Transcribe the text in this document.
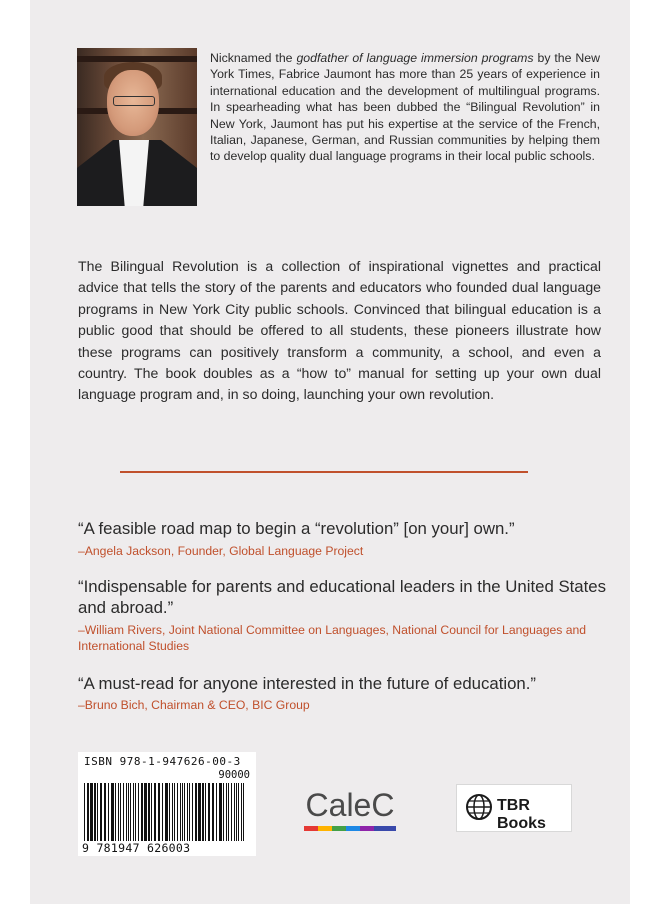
Nicknamed the godfather of language immersion programs by the New York Times, Fabrice Jaumont has more than 25 years of experience in international education and the development of multilingual programs. In spearheading what has been dubbed the “Bilingual Revolution” in New York, Jaumont has put his expertise at the service of the French, Italian, Japanese, German, and Russian communities by helping them to develop quality dual language programs in their local public schools.
The Bilingual Revolution is a collection of inspirational vignettes and practical advice that tells the story of the parents and educators who founded dual language programs in New York City public schools. Convinced that bilingual education is a public good that should be offered to all students, these pioneers illustrate how these programs can positively transform a community, a school, and even a country. The book doubles as a “how to” manual for setting up your own dual language program and, in so doing, launching your own revolution.
“A feasible road map to begin a “revolution” [on your] own.”
–Angela Jackson, Founder, Global Language Project
“Indispensable for parents and educational leaders in the United States and abroad.”
–William Rivers, Joint National Committee on Languages, National Council for Languages and International Studies
“A must-read for anyone interested in the future of education.”
–Bruno Bich, Chairman & CEO, BIC Group
ISBN 978-1-947626-00-3
90000
9 781947 626003
CaleC	TBR Books
